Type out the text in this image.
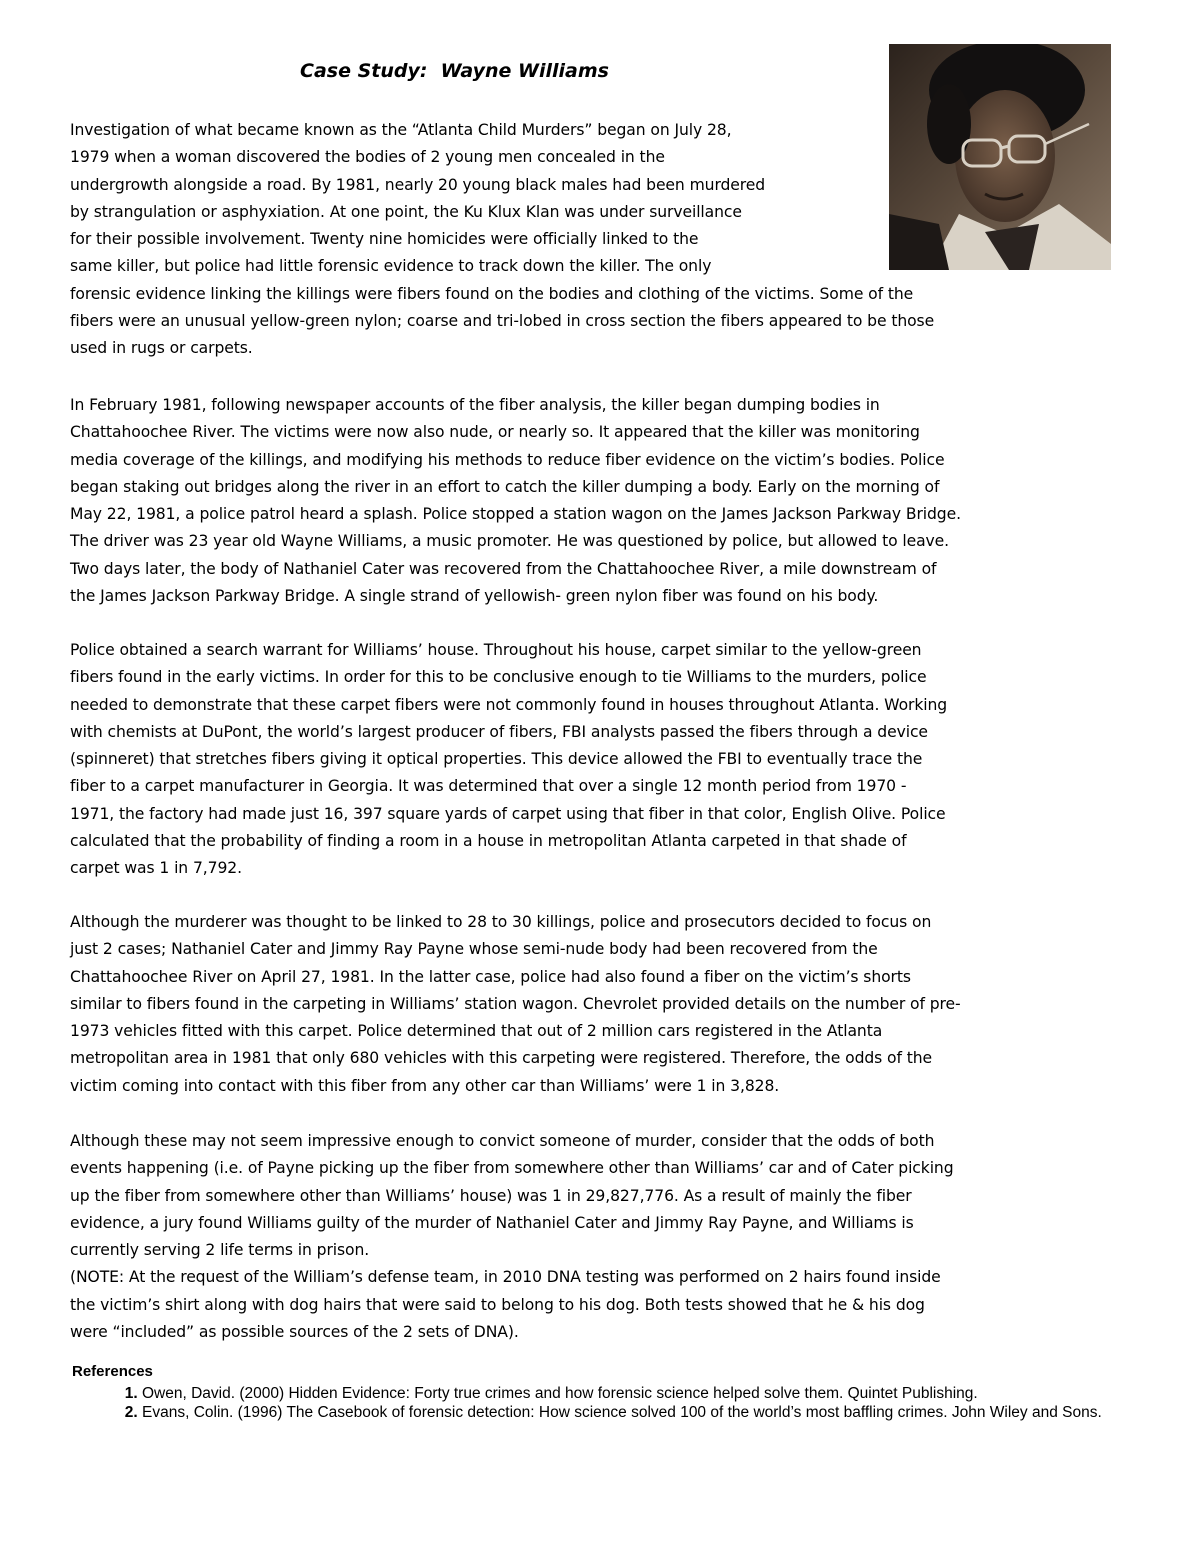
Case Study:  Wayne Williams
Investigation of what became known as the “Atlanta Child Murders” began on July 28,
1979 when a woman discovered the bodies of 2 young men concealed in the
undergrowth alongside a road. By 1981, nearly 20 young black males had been murdered
by strangulation or asphyxiation. At one point, the Ku Klux Klan was under surveillance
for their possible involvement. Twenty nine homicides were officially linked to the
same killer, but police had little forensic evidence to track down the killer. The only
forensic evidence linking the killings were fibers found on the bodies and clothing of the victims. Some of the
fibers were an unusual yellow-green nylon; coarse and tri-lobed in cross section the fibers appeared to be those
used in rugs or carpets.
In February 1981, following newspaper accounts of the fiber analysis, the killer began dumping bodies in
Chattahoochee River. The victims were now also nude, or nearly so. It appeared that the killer was monitoring
media coverage of the killings, and modifying his methods to reduce fiber evidence on the victim’s bodies. Police
began staking out bridges along the river in an effort to catch the killer dumping a body. Early on the morning of
May 22, 1981, a police patrol heard a splash. Police stopped a station wagon on the James Jackson Parkway Bridge.
The driver was 23 year old Wayne Williams, a music promoter. He was questioned by police, but allowed to leave.
Two days later, the body of Nathaniel Cater was recovered from the Chattahoochee River, a mile downstream of
the James Jackson Parkway Bridge. A single strand of yellowish- green nylon fiber was found on his body.
Police obtained a search warrant for Williams’ house. Throughout his house, carpet similar to the yellow-green
fibers found in the early victims. In order for this to be conclusive enough to tie Williams to the murders, police
needed to demonstrate that these carpet fibers were not commonly found in houses throughout Atlanta. Working
with chemists at DuPont, the world’s largest producer of fibers, FBI analysts passed the fibers through a device
(spinneret) that stretches fibers giving it optical properties. This device allowed the FBI to eventually trace the
fiber to a carpet manufacturer in Georgia. It was determined that over a single 12 month period from 1970 -
1971, the factory had made just 16, 397 square yards of carpet using that fiber in that color, English Olive. Police
calculated that the probability of finding a room in a house in metropolitan Atlanta carpeted in that shade of
carpet was 1 in 7,792.
Although the murderer was thought to be linked to 28 to 30 killings, police and prosecutors decided to focus on
just 2 cases; Nathaniel Cater and Jimmy Ray Payne whose semi-nude body had been recovered from the
Chattahoochee River on April 27, 1981. In the latter case, police had also found a fiber on the victim’s shorts
similar to fibers found in the carpeting in Williams’ station wagon. Chevrolet provided details on the number of pre-
1973 vehicles fitted with this carpet. Police determined that out of 2 million cars registered in the Atlanta
metropolitan area in 1981 that only 680 vehicles with this carpeting were registered. Therefore, the odds of the
victim coming into contact with this fiber from any other car than Williams’ were 1 in 3,828.
Although these may not seem impressive enough to convict someone of murder, consider that the odds of both
events happening (i.e. of Payne picking up the fiber from somewhere other than Williams’ car and of Cater picking
up the fiber from somewhere other than Williams’ house) was 1 in 29,827,776. As a result of mainly the fiber
evidence, a jury found Williams guilty of the murder of Nathaniel Cater and Jimmy Ray Payne, and Williams is
currently serving 2 life terms in prison.
(NOTE: At the request of the William’s defense team, in 2010 DNA testing was performed on 2 hairs found inside
the victim’s shirt along with dog hairs that were said to belong to his dog. Both tests showed that he & his dog
were “included” as possible sources of the 2 sets of DNA).
References
1. Owen, David. (2000) Hidden Evidence: Forty true crimes and how forensic science helped solve them. Quintet Publishing.
2. Evans, Colin. (1996) The Casebook of forensic detection: How science solved 100 of the world’s most baffling crimes. John Wiley and Sons.
